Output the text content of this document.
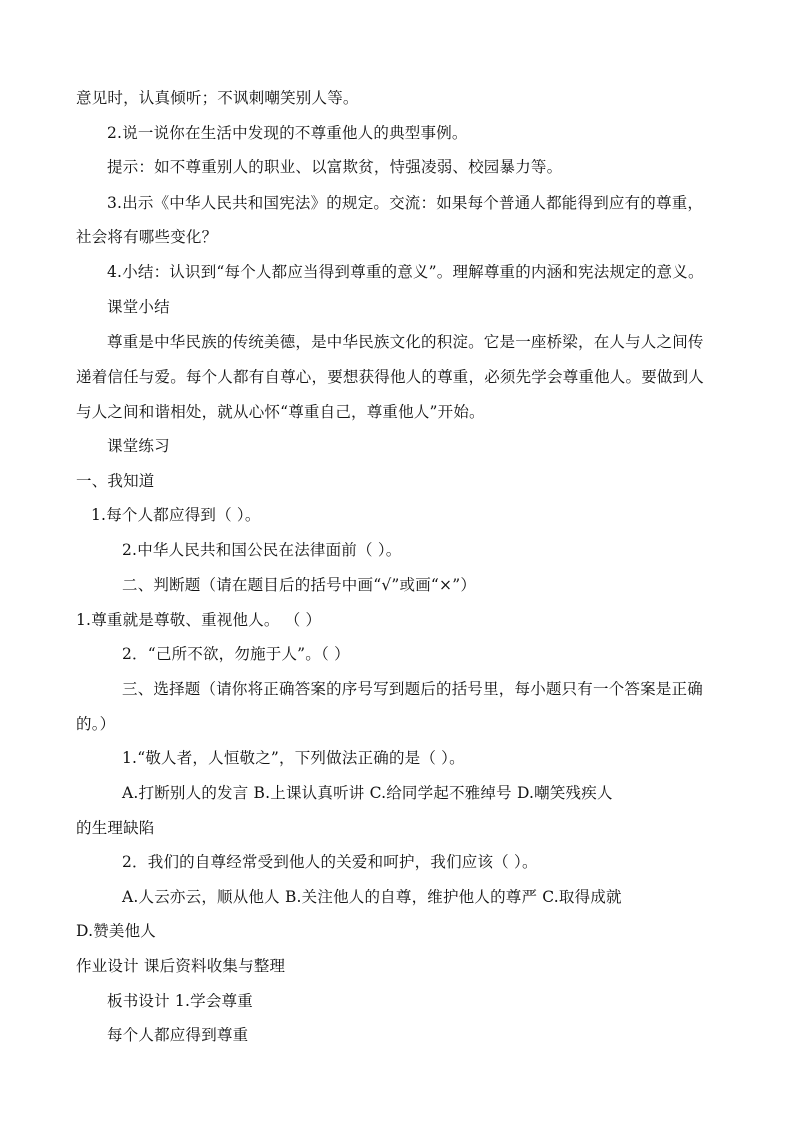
意见时，认真倾听；不讽刺嘲笑别人等。
2.说一说你在生活中发现的不尊重他人的典型事例。
提示：如不尊重别人的职业、以富欺贫，恃强凌弱、校园暴力等。
3.出示《中华人民共和国宪法》的规定。交流：如果每个普通人都能得到应有的尊重，
社会将有哪些变化？
4.小结：认识到“每个人都应当得到尊重的意义”。理解尊重的内涵和宪法规定的意义。
课堂小结
尊重是中华民族的传统美德，是中华民族文化的积淀。它是一座桥梁，在人与人之间传
递着信任与爱。每个人都有自尊心，要想获得他人的尊重，必须先学会尊重他人。要做到人
与人之间和谐相处，就从心怀“尊重自己，尊重他人”开始。
课堂练习
一、我知道
1.每个人都应得到（ ）。
2.中华人民共和国公民在法律面前（ ）。
二、判断题（请在题目后的括号中画“√”或画“×”）
1.尊重就是尊敬、重视他人。 （ ）
2．“己所不欲，勿施于人”。（ ）
三、选择题（请你将正确答案的序号写到题后的括号里，每小题只有一个答案是正确
的。）
1.“敬人者，人恒敬之”，下列做法正确的是（ ）。
A.打断别人的发言 B.上课认真听讲 C.给同学起不雅绰号 D.嘲笑残疾人
的生理缺陷
2．我们的自尊经常受到他人的关爱和呵护，我们应该（ ）。
A.人云亦云，顺从他人 B.关注他人的自尊，维护他人的尊严 C.取得成就
D.赞美他人
作业设计 课后资料收集与整理
板书设计 1.学会尊重
每个人都应得到尊重
